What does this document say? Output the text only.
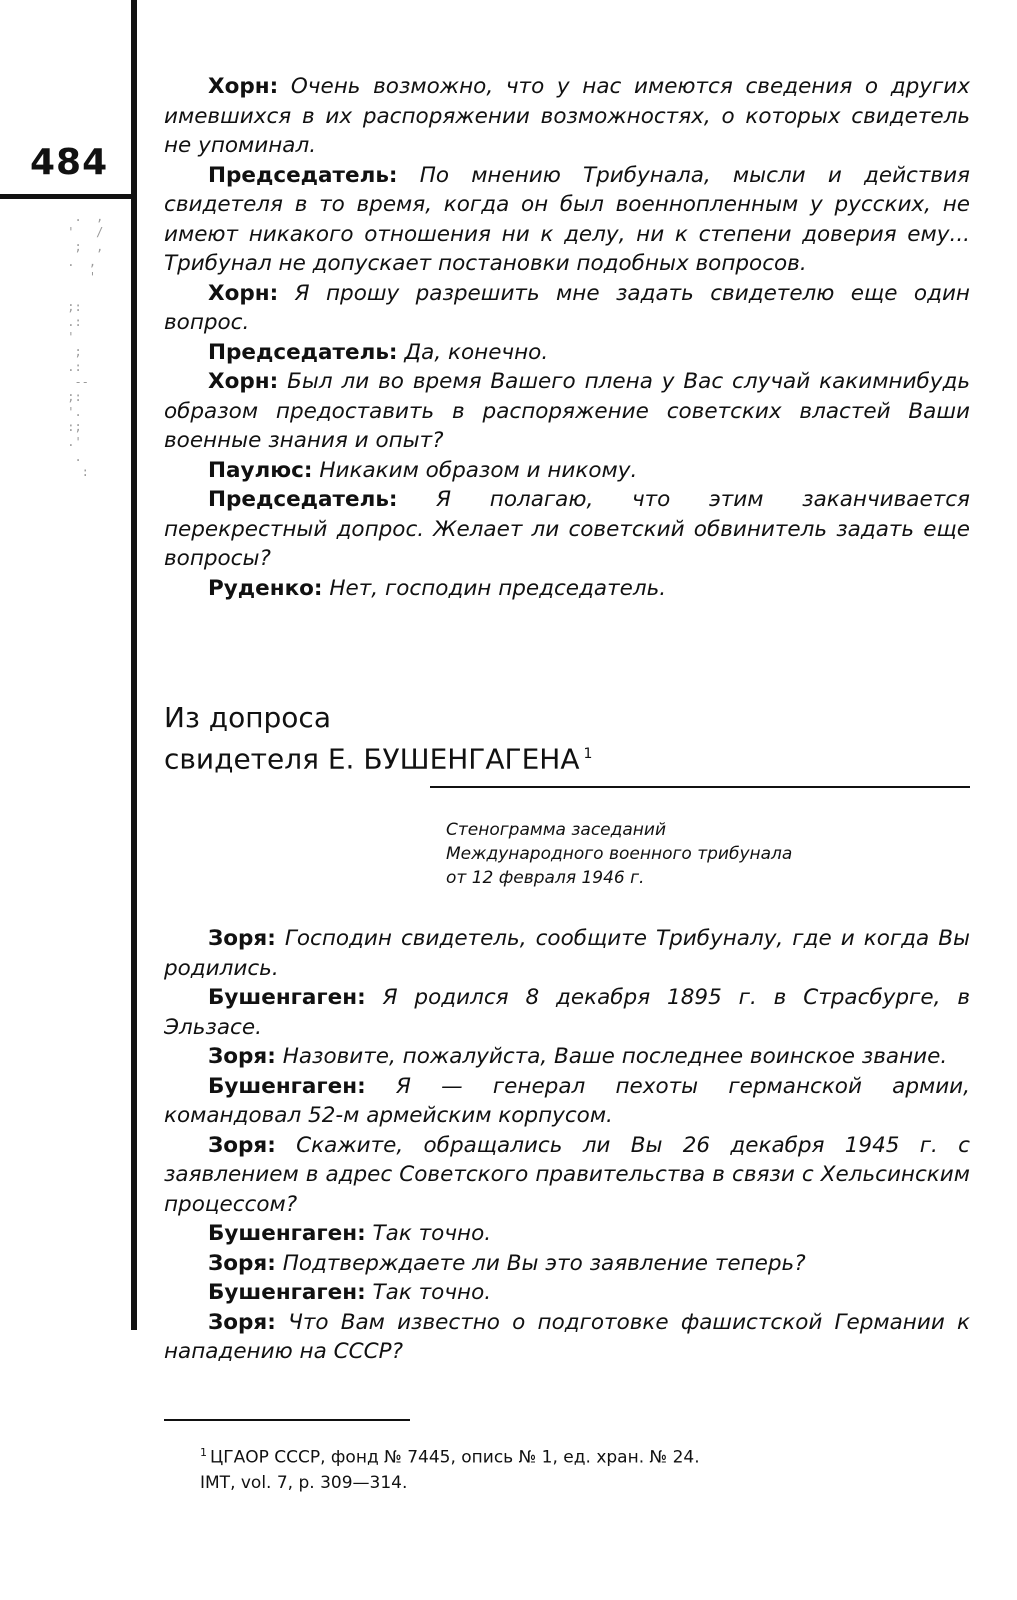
484
.  ,
'   /
;  ,
.  ,
'

;:
.:
'
;
.:
--
;:
'.
:;
.'
.
:

Хорн: Очень возможно, что у нас имеются сведения о других имевшихся в их распоряжении возможностях, о которых свидетель не упоминал.

Председатель: По мнению Трибунала, мысли и действия свидетеля в то время, когда он был военнопленным у русских, не имеют никакого отношения ни к делу, ни к степени доверия ему... Трибунал не допускает постановки подобных вопросов.

Хорн: Я прошу разрешить мне задать свидетелю еще один вопрос.

Председатель: Да, конечно.

Хорн: Был ли во время Вашего плена у Вас случай какимнибудь образом предоставить в распоряжение советских властей Ваши военные знания и опыт?

Паулюс: Никаким образом и никому.

Председатель: Я полагаю, что этим заканчивается перекрестный допрос. Желает ли советский обвинитель задать еще вопросы?

Руденко: Нет, господин председатель.

Из допроса
свидетеля Е. БУШЕНГАГЕНА $^1$
Стенограмма заседаний
Международного военного трибунала
от 12 февраля 1946 г.

Зоря: Господин свидетель, сообщите Трибуналу, где и когда Вы родились.

Бушенгаген: Я родился 8 декабря 1895 г. в Страсбурге, в Эльзасе.

Зоря: Назовите, пожалуйста, Ваше последнее воинское звание.

Бушенгаген: Я — генерал пехоты германской армии, командовал 52-м армейским корпусом.

Зоря: Скажите, обращались ли Вы 26 декабря 1945 г. с заявлением в адрес Советского правительства в связи с Хельсинским процессом?

Бушенгаген: Так точно.

Зоря: Подтверждаете ли Вы это заявление теперь?

Бушенгаген: Так точно.

Зоря: Что Вам известно о подготовке фашистской Германии к нападению на СССР?

$^1$ ЦГАОР СССР, фонд № 7445, опись № 1, ед. хран. № 24.
IMT, vol. 7, p. 309—314.
